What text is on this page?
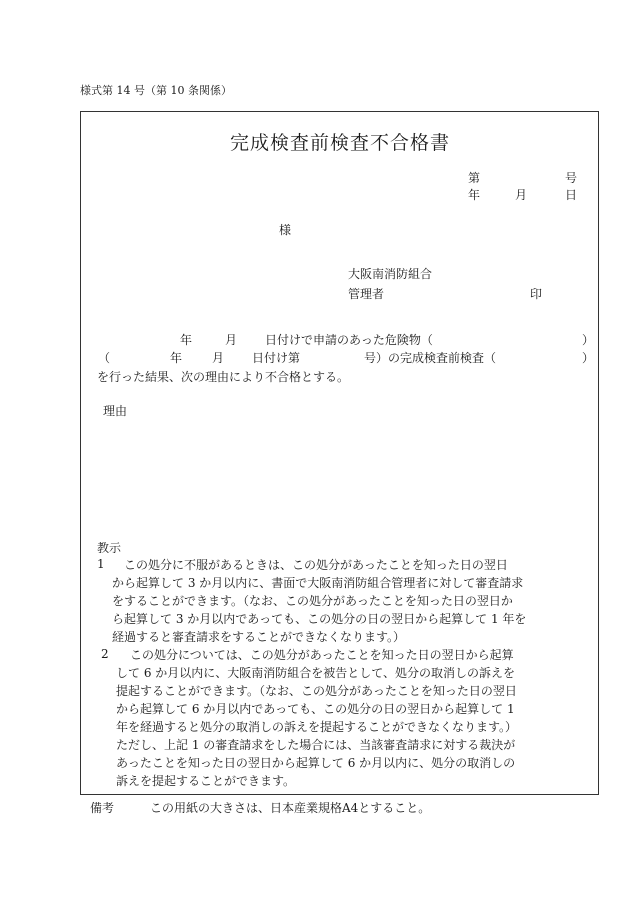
様式第 14 号（第 10 条関係）
完成検査前検査不合格書
第	号
年	月	日
様
大阪南消防組合
管理者	印
年	月 日付けで申請のあった危険物（	）
（	年 月 日付け第	号）の完成検査前検査（	）
を行った結果、次の理由により不合格とする。
理由
教示
1 この処分に不服があるときは、この処分があったことを知った日の翌日
から起算して 3 か月以内に、書面で大阪南消防組合管理者に対して審査請求
をすることができます。（なお、この処分があったことを知った日の翌日か
ら起算して 3 か月以内であっても、この処分の日の翌日から起算して 1 年を
経過すると審査請求をすることができなくなります。）
2 この処分については、この処分があったことを知った日の翌日から起算
して 6 か月以内に、大阪南消防組合を被告として、処分の取消しの訴えを
提起することができます。（なお、この処分があったことを知った日の翌日
から起算して 6 か月以内であっても、この処分の日の翌日から起算して 1
年を経過すると処分の取消しの訴えを提起することができなくなります。）
ただし、上記 1 の審査請求をした場合には、当該審査請求に対する裁決が
あったことを知った日の翌日から起算して 6 か月以内に、処分の取消しの
訴えを提起することができます。
備考	この用紙の大きさは、日本産業規格A4とすること。
